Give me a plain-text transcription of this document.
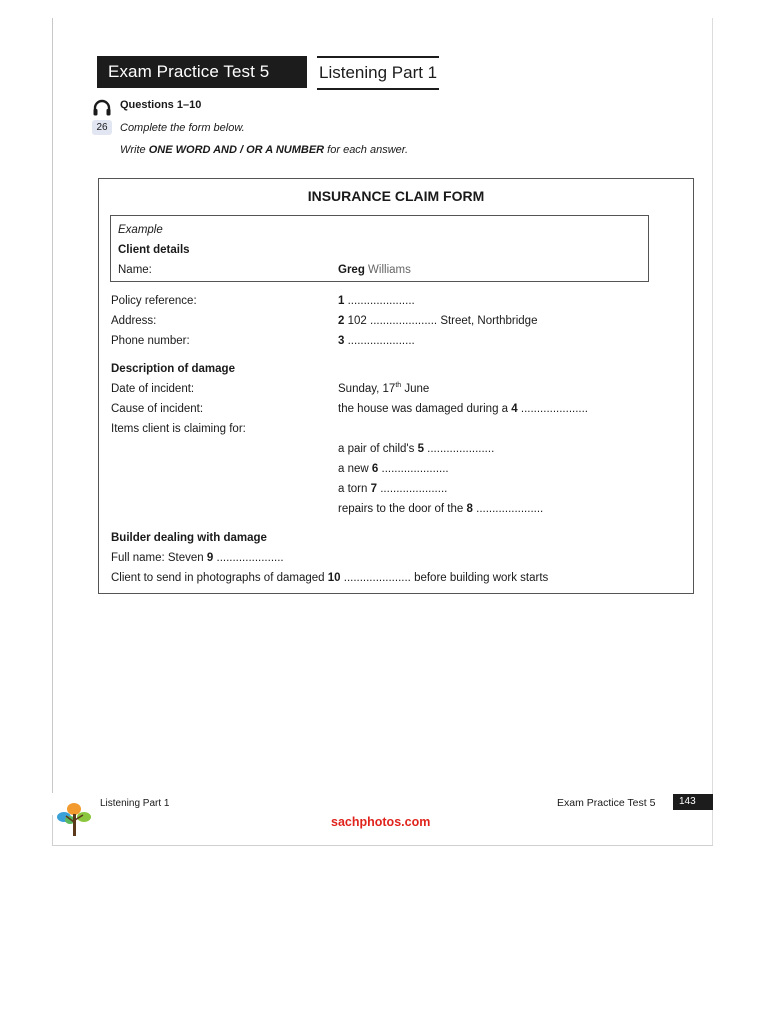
Exam Practice Test 5	Listening Part 1
26
Questions 1–10
Complete the form below.
Write ONE WORD AND / OR A NUMBER for each answer.
INSURANCE CLAIM FORM
Example
Client details
Name:	Greg Williams
Policy reference:	1 .....................
Address:	2 102 ..................... Street, Northbridge
Phone number:	3 .....................
Description of damage
Date of incident:	Sunday, 17th June
Cause of incident:	the house was damaged during a 4 .....................
Items client is claiming for:
a pair of child's 5 .....................
a new 6 .....................
a torn 7 .....................
repairs to the door of the 8 .....................
Builder dealing with damage
Full name: Steven 9 .....................
Client to send in photographs of damaged 10 ..................... before building work starts
Listening Part 1	Exam Practice Test 5	143
sachphotos.com
